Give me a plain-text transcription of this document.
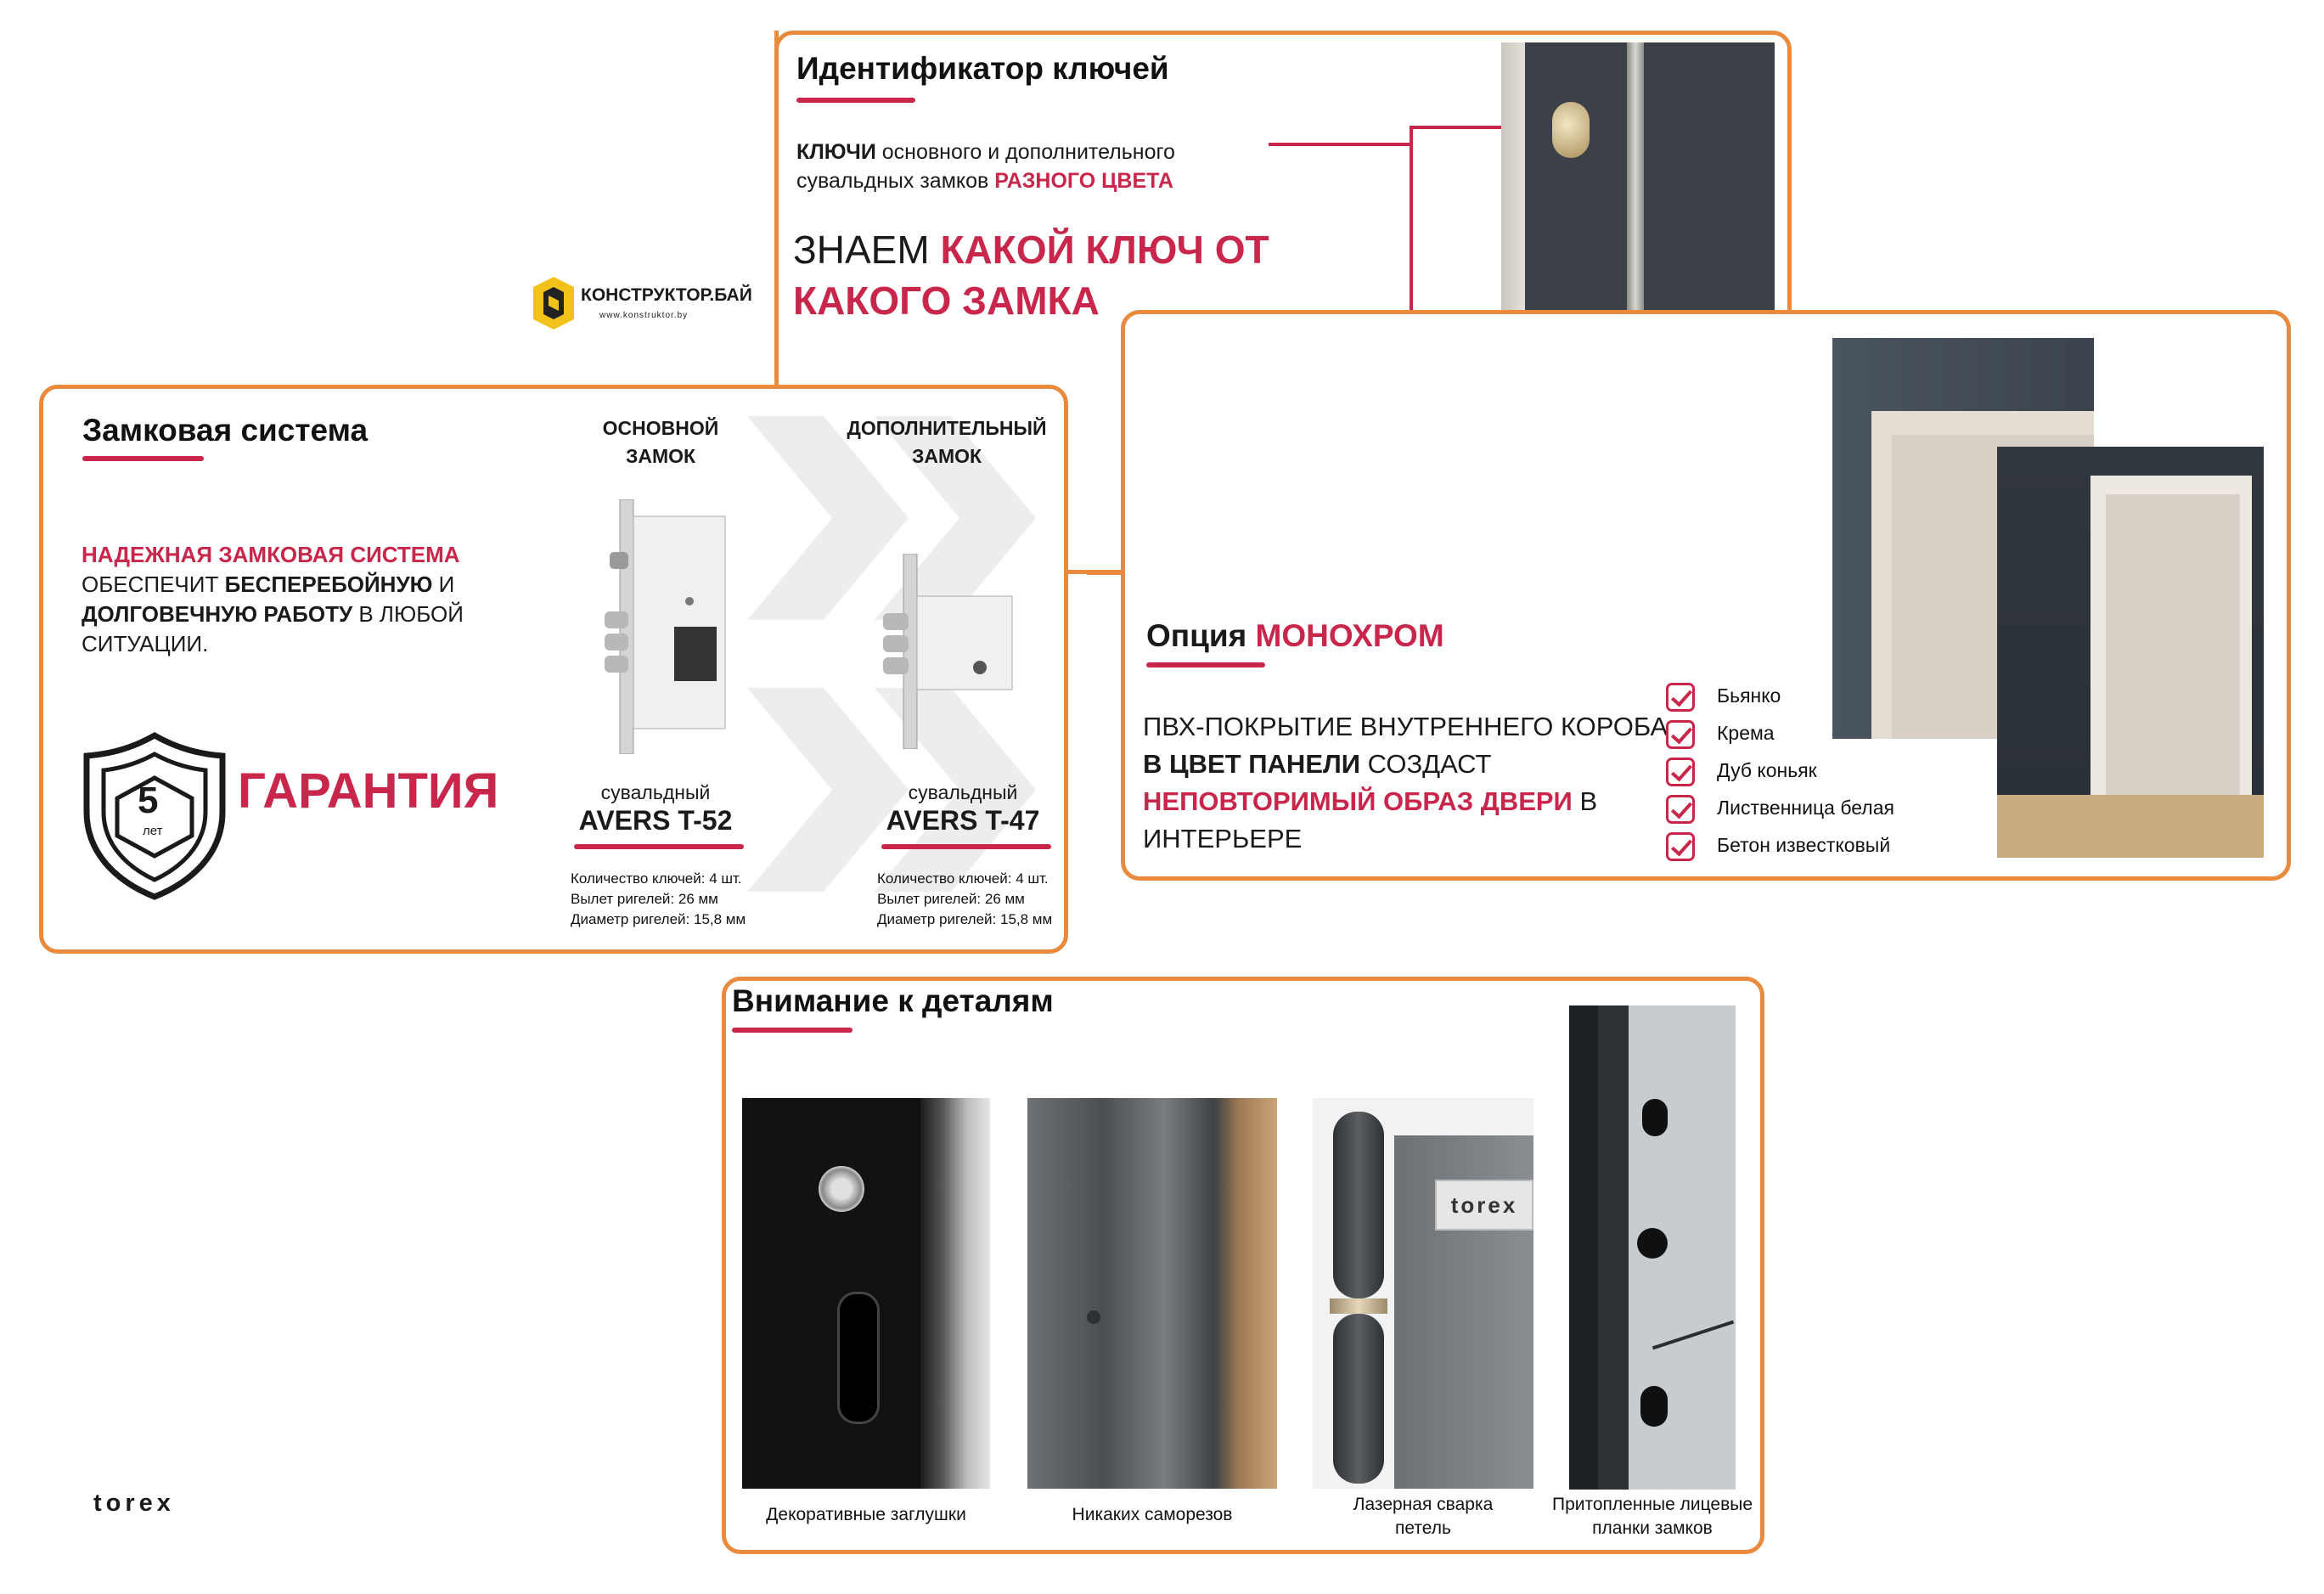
Идентификатор ключей
КЛЮЧИ основного и дополнительного сувальдных замков РАЗНОГО ЦВЕТА
ЗНАЕМ КАКОЙ КЛЮЧ ОТ
КАКОГО ЗАМКА
КОНСТРУКТОР.БАЙ
www.konstruktor.by
Замковая система
НАДЕЖНАЯ ЗАМКОВАЯ СИСТЕМА
ОБЕСПЕЧИТ БЕСПЕРЕБОЙНУЮ И
ДОЛГОВЕЧНУЮ РАБОТУ В ЛЮБОЙ СИТУАЦИИ.
5
лет
ГАРАНТИЯ
ОСНОВНОЙ
ЗАМОК
сувальдный
AVERS T-52
Количество ключей: 4 шт.
Вылет ригелей: 26 мм
Диаметр ригелей: 15,8 мм
ДОПОЛНИТЕЛЬНЫЙ
ЗАМОК
сувальдный
AVERS T-47
Количество ключей: 4 шт.
Вылет ригелей: 26 мм
Диаметр ригелей: 15,8 мм
Опция МОНОХРОМ
ПВХ-ПОКРЫТИЕ ВНУТРЕННЕГО КОРОБА
В ЦВЕТ ПАНЕЛИ СОЗДАСТ
НЕПОВТОРИМЫЙ ОБРАЗ ДВЕРИ В
ИНТЕРЬЕРЕ
Бьянко
Крема
Дуб коньяк
Лиственница белая
Бетон известковый
Внимание к деталям
Декоративные заглушки	Никаких саморезов
torex
Лазерная сварка
петель
Притопленные лицевые
планки замков
torex
